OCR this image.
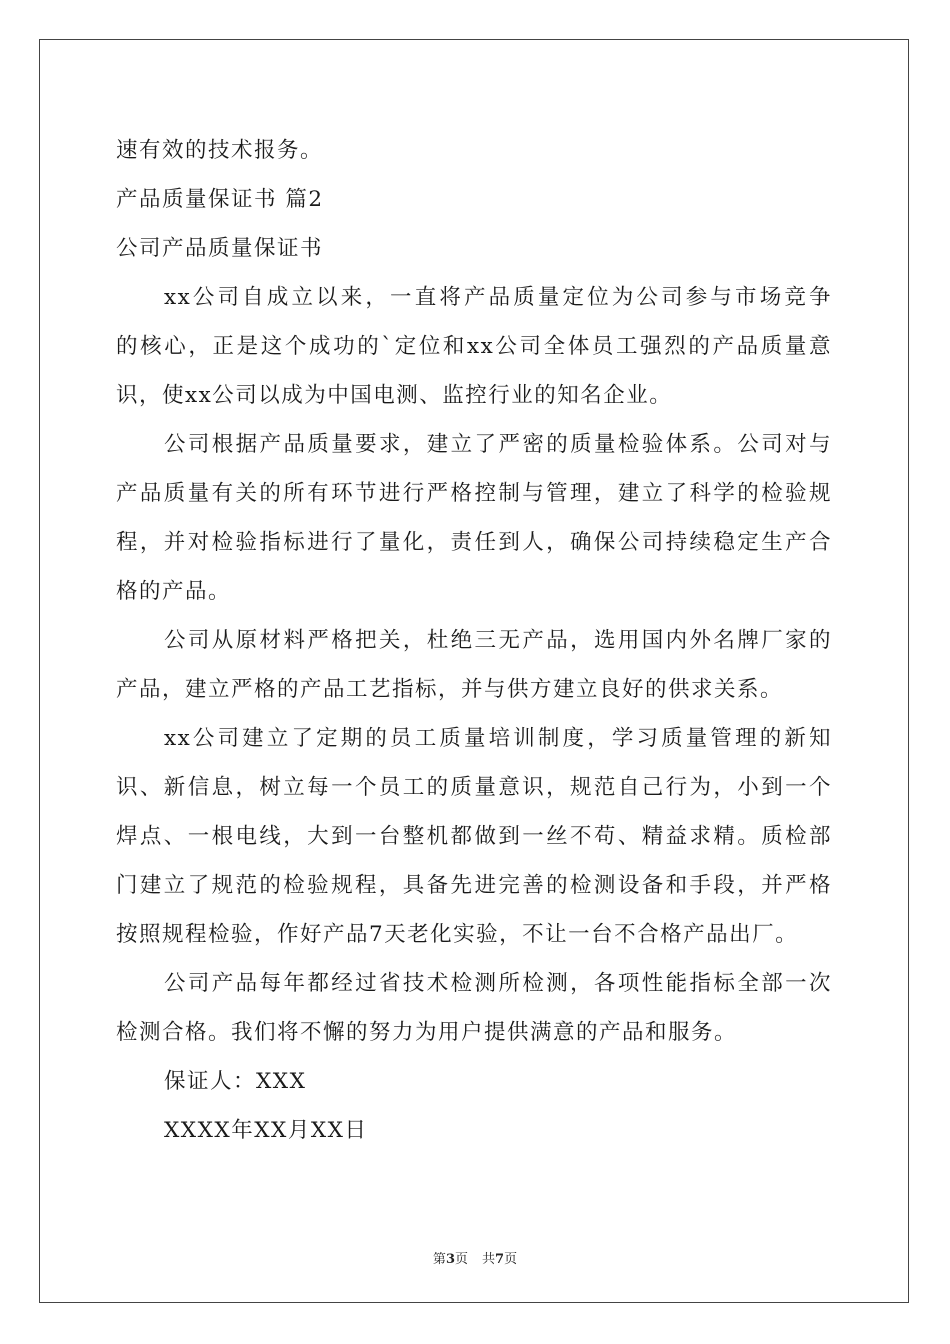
速有效的技术报务。
产品质量保证书 篇2
公司产品质量保证书
xx公司自成立以来，一直将产品质量定位为公司参与市场竞争
的核心，正是这个成功的`定位和xx公司全体员工强烈的产品质量意
识，使xx公司以成为中国电测、监控行业的知名企业。
公司根据产品质量要求，建立了严密的质量检验体系。公司对与
产品质量有关的所有环节进行严格控制与管理，建立了科学的检验规
程，并对检验指标进行了量化，责任到人，确保公司持续稳定生产合
格的产品。
公司从原材料严格把关，杜绝三无产品，选用国内外名牌厂家的
产品，建立严格的产品工艺指标，并与供方建立良好的供求关系。
xx公司建立了定期的员工质量培训制度，学习质量管理的新知
识、新信息，树立每一个员工的质量意识，规范自己行为，小到一个
焊点、一根电线，大到一台整机都做到一丝不苟、精益求精。质检部
门建立了规范的检验规程，具备先进完善的检测设备和手段，并严格
按照规程检验，作好产品7天老化实验，不让一台不合格产品出厂。
公司产品每年都经过省技术检测所检测，各项性能指标全部一次
检测合格。我们将不懈的努力为用户提供满意的产品和服务。
保证人：XXX
XXXX年XX月XX日
第3页 共7页
